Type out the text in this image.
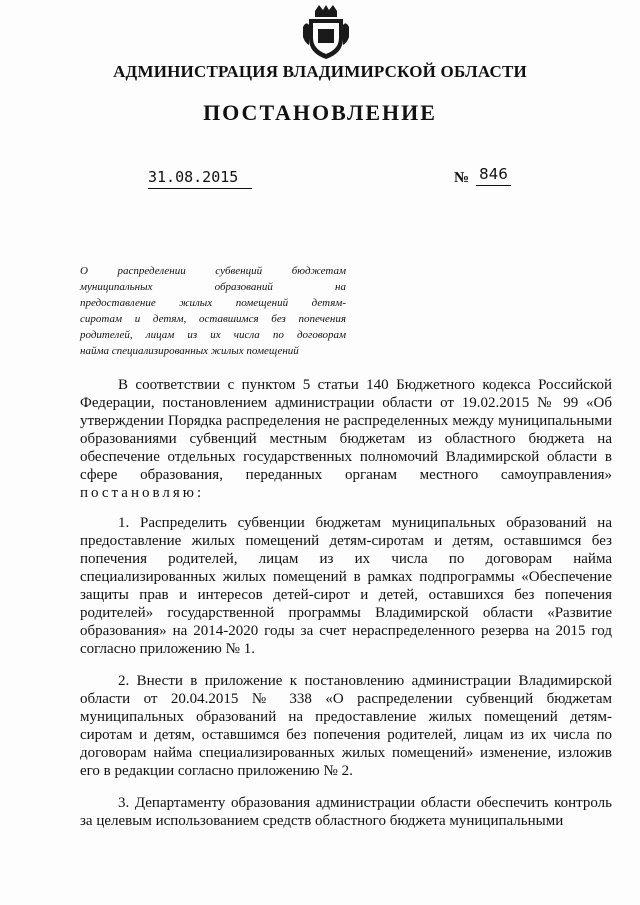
АДМИНИСТРАЦИЯ ВЛАДИМИРСКОЙ ОБЛАСТИ
ПОСТАНОВЛЕНИЕ
31.08.2015	№ 846
О распределении субвенций бюджетам
муниципальных образований на
предоставление жилых помещений детям-
сиротам и детям, оставшимся без попечения
родителей, лицам из их числа по договорам
найма специализированных жилых помещений

В соответствии с пунктом 5 статьи 140 Бюджетного кодекса Российской Федерации, постановлением администрации области от 19.02.2015 № 99 «Об утверждении Порядка распределения не распределенных между муниципальными образованиями субвенций местным бюджетам из областного бюджета на обеспечение отдельных государственных полномочий Владимирской области в сфере образования, переданных органам местного самоуправления» постановляю:

1. Распределить субвенции бюджетам муниципальных образований на предоставление жилых помещений детям-сиротам и детям, оставшимся без попечения родителей, лицам из их числа по договорам найма специализированных жилых помещений в рамках подпрограммы «Обеспечение защиты прав и интересов детей-сирот и детей, оставшихся без попечения родителей» государственной программы Владимирской области «Развитие образования» на 2014-2020 годы за счет нераспределенного резерва на 2015 год согласно приложению № 1.

2. Внести в приложение к постановлению администрации Владимирской области от 20.04.2015 № 338 «О распределении субвенций бюджетам муниципальных образований на предоставление жилых помещений детям-сиротам и детям, оставшимся без попечения родителей, лицам из их числа по договорам найма специализированных жилых помещений» изменение, изложив его в редакции согласно приложению № 2.

3. Департаменту образования администрации области обеспечить контроль за целевым использованием средств областного бюджета муниципальными
